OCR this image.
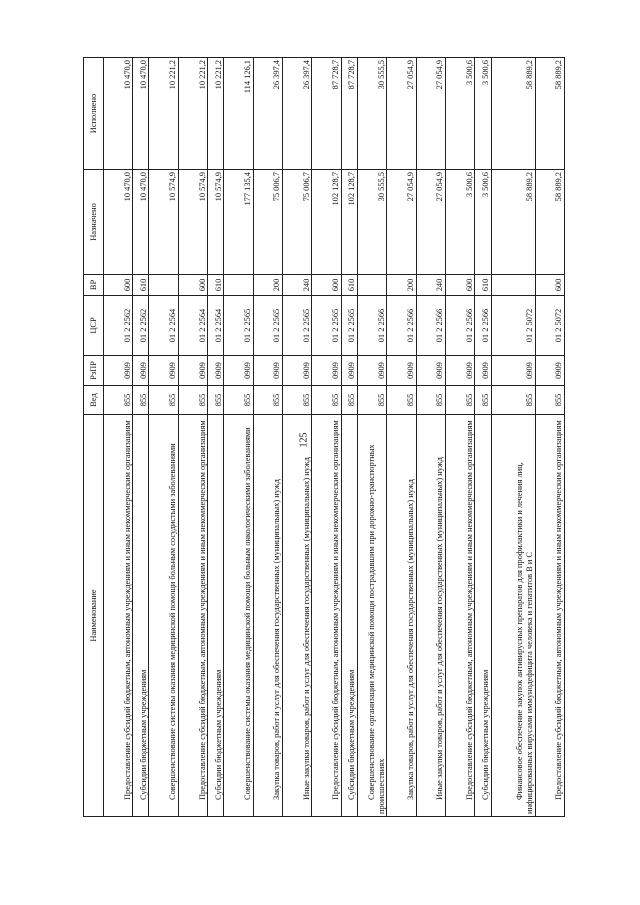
125
Наименование	Вед	РзПР	ЦСР	ВР	Назначено	Исполнено
Предоставление субсидий бюджетным, автономным учреждениям и иным некоммерческим организациям	855	0909	01 2 2562	600	10 470,0	10 470,0
Субсидии бюджетным учреждениям	855	0909	01 2 2562	610	10 470,0	10 470,0
Совершенствование системы оказания медицинской помощи больным сосудистыми заболеваниями	855	0909	01 2 2564		10 574,9	10 221,2
Предоставление субсидий бюджетным, автономным учреждениям и иным некоммерческим организациям	855	0909	01 2 2564	600	10 574,9	10 221,2
Субсидии бюджетным учреждениям	855	0909	01 2 2564	610	10 574,9	10 221,2
Совершенствование системы оказания медицинской помощи больным онкологическими заболеваниями	855	0909	01 2 2565		177 135,4	114 126,1
Закупка товаров, работ и услуг для обеспечения государственных (муниципальных) нужд	855	0909	01 2 2565	200	75 006,7	26 397,4
Иные закупки товаров, работ и услуг для обеспечения государственных (муниципальных) нужд	855	0909	01 2 2565	240	75 006,7	26 397,4
Предоставление субсидий бюджетным, автономным учреждениям и иным некоммерческим организациям	855	0909	01 2 2565	600	102 128,7	87 728,7
Субсидии бюджетным учреждениям	855	0909	01 2 2565	610	102 128,7	87 728,7
Совершенствование организации медицинской помощи пострадавшим при дорожно-транспортных происшествиях	855	0909	01 2 2566		30 555,5	30 555,5
Закупка товаров, работ и услуг для обеспечения государственных (муниципальных) нужд	855	0909	01 2 2566	200	27 054,9	27 054,9
Иные закупки товаров, работ и услуг для обеспечения государственных (муниципальных) нужд	855	0909	01 2 2566	240	27 054,9	27 054,9
Предоставление субсидий бюджетным, автономным учреждениям и иным некоммерческим организациям	855	0909	01 2 2566	600	3 500,6	3 500,6
Субсидии бюджетным учреждениям	855	0909	01 2 2566	610	3 500,6	3 500,6
Финансовое обеспечение закупок антивирусных препаратов для профилактики и лечения лиц, инфицированных вирусами иммунодефицита человека и гепатитов B и C	855	0909	01 2 5072		58 889,2	58 889,2
Предоставление субсидий бюджетным, автономным учреждениям и иным некоммерческим организациям	855	0909	01 2 5072	600	58 889,2	58 889,2
